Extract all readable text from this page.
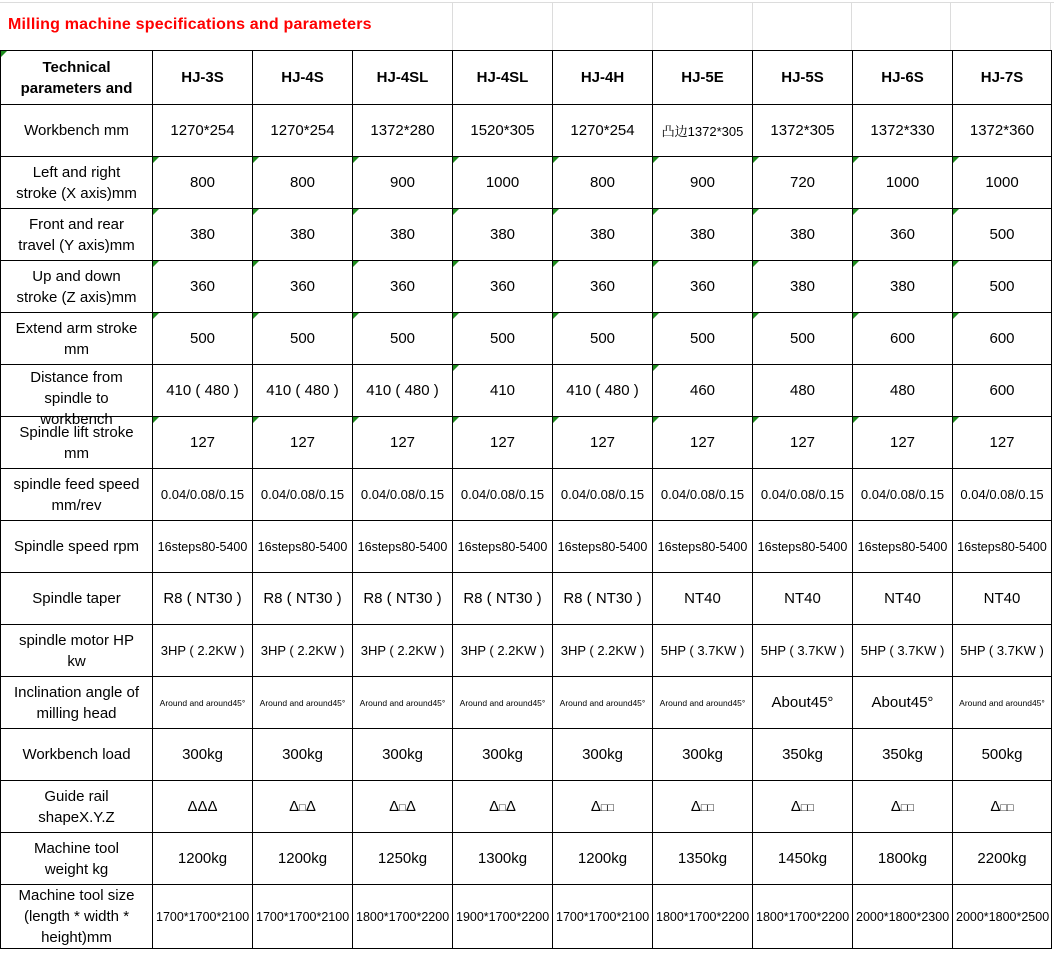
Milling machine specifications and parameters
Technical
parameters and	HJ-3S	HJ-4S	HJ-4SL	HJ-4SL	HJ-4H	HJ-5E	HJ-5S	HJ-6S	HJ-7S

Workbench mm	1270*254	1270*254	1372*280	1520*305	1270*254	凸边1372*305	1372*305	1372*330	1372*360

Left and right
stroke (X axis)mm	800	800	900	1000	800	900	720	1000	1000

Front and rear
travel (Y axis)mm	380	380	380	380	380	380	380	360	500

Up and down
stroke (Z axis)mm	360	360	360	360	360	360	380	380	500

Extend arm stroke
mm	500	500	500	500	500	500	500	600	600

Distance from
spindle to
workbench	410 ( 480 )	410 ( 480 )	410 ( 480 )	410	410 ( 480 )	460	480	480	600

Spindle lift stroke
mm	127	127	127	127	127	127	127	127	127

spindle feed speed
mm/rev	0.04/0.08/0.15	0.04/0.08/0.15	0.04/0.08/0.15	0.04/0.08/0.15	0.04/0.08/0.15	0.04/0.08/0.15	0.04/0.08/0.15	0.04/0.08/0.15	0.04/0.08/0.15

Spindle speed rpm	16steps80-5400	16steps80-5400	16steps80-5400	16steps80-5400	16steps80-5400	16steps80-5400	16steps80-5400	16steps80-5400	16steps80-5400

Spindle taper	R8 ( NT30 )	R8 ( NT30 )	R8 ( NT30 )	R8 ( NT30 )	R8 ( NT30 )	NT40	NT40	NT40	NT40

spindle motor HP
kw	3HP ( 2.2KW )	3HP ( 2.2KW )	3HP ( 2.2KW )	3HP ( 2.2KW )	3HP ( 2.2KW )	5HP ( 3.7KW )	5HP ( 3.7KW )	5HP ( 3.7KW )	5HP ( 3.7KW )

Inclination angle of
milling head	Around and around45°	Around and around45°	Around and around45°	Around and around45°	Around and around45°	Around and around45°	About45°	About45°	Around and around45°

Workbench load	300kg	300kg	300kg	300kg	300kg	300kg	350kg	350kg	500kg

Guide rail
shapeX.Y.Z	ΔΔΔ	Δ□Δ	Δ□Δ	Δ□Δ	Δ□□	Δ□□	Δ□□	Δ□□	Δ□□

Machine tool
weight kg	1200kg	1200kg	1250kg	1300kg	1200kg	1350kg	1450kg	1800kg	2200kg

Machine tool size
(length * width *
height)mm	1700*1700*2100	1700*1700*2100	1800*1700*2200	1900*1700*2200	1700*1700*2100	1800*1700*2200	1800*1700*2200	2000*1800*2300	2000*1800*2500
